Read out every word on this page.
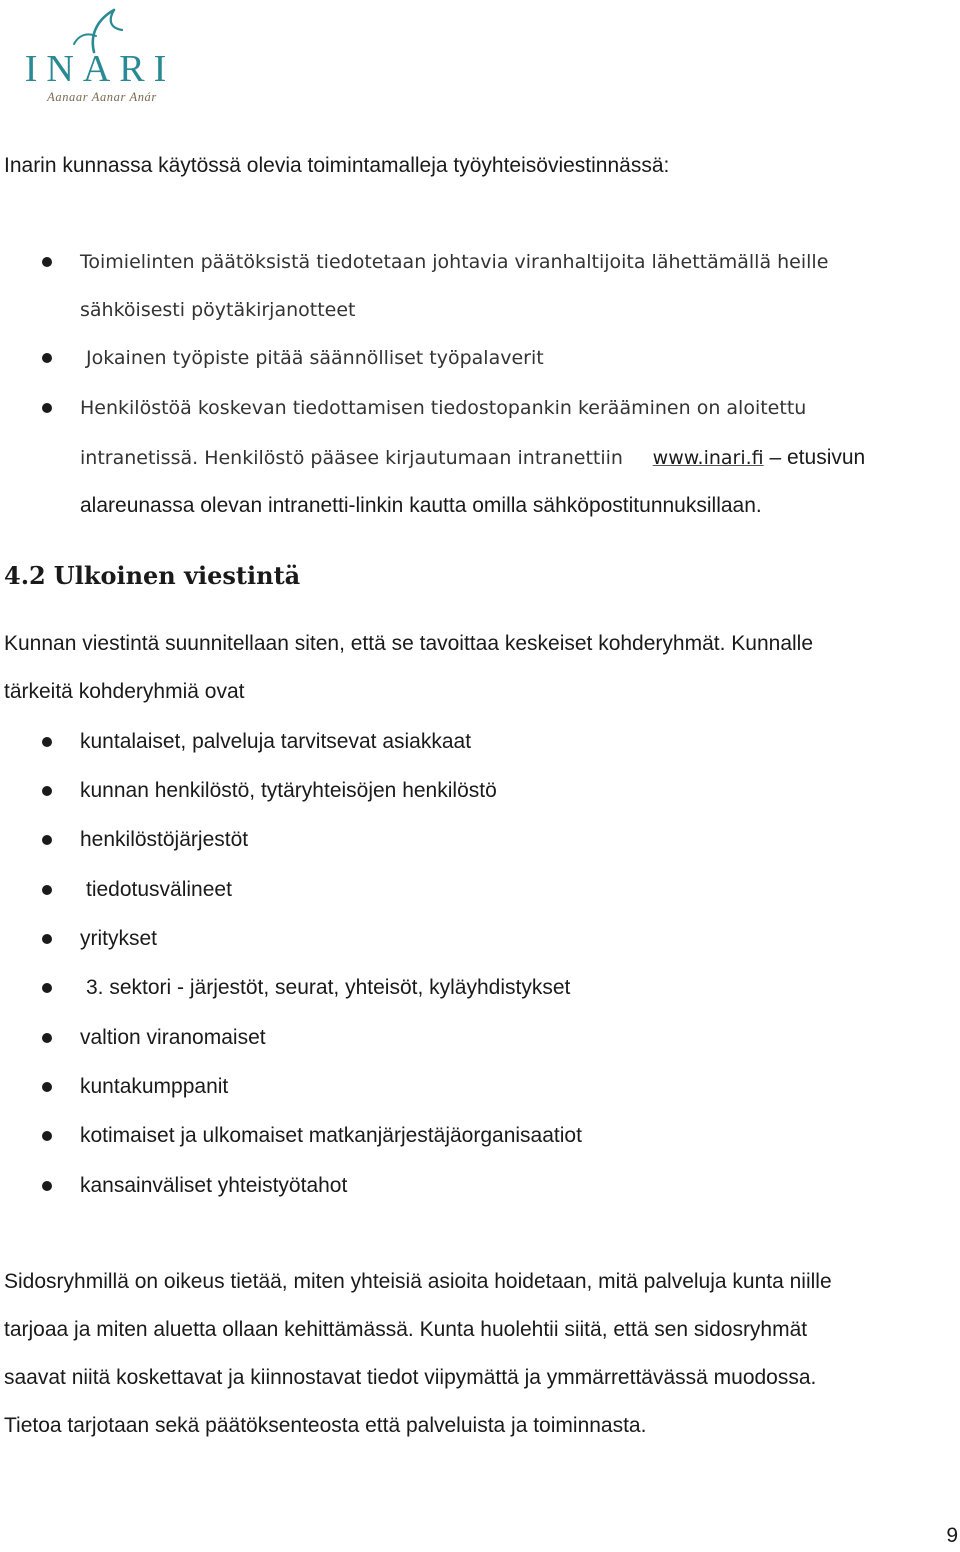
INARI
Aanaar Aanar Anár

Inarin kunnassa käytössä olevia toimintamalleja työyhteisöviestinnässä:

Toimielinten päätöksistä tiedotetaan johtavia viranhaltijoita lähettämällä heille
sähköisesti pöytäkirjanotteet
Jokainen työpiste pitää säännölliset työpalaverit
Henkilöstöä koskevan tiedottamisen tiedostopankin kerääminen on aloitettu
intranetissä. Henkilöstö pääsee kirjautumaan intranettiin www.inari.fi – etusivun
alareunassa olevan intranetti-linkin kautta omilla sähköpostitunnuksillaan.
4.2 Ulkoinen viestintä

Kunnan viestintä suunnitellaan siten, että se tavoittaa keskeiset kohderyhmät. Kunnalle

tärkeitä kohderyhmiä ovat

kuntalaiset, palveluja tarvitsevat asiakkaat
kunnan henkilöstö, tytäryhteisöjen henkilöstö
henkilöstöjärjestöt
tiedotusvälineet
yritykset
3. sektori - järjestöt, seurat, yhteisöt, kyläyhdistykset
valtion viranomaiset
kuntakumppanit
kotimaiset ja ulkomaiset matkanjärjestäjäorganisaatiot
kansainväliset yhteistyötahot

Sidosryhmillä on oikeus tietää, miten yhteisiä asioita hoidetaan, mitä palveluja kunta niille

tarjoaa ja miten aluetta ollaan kehittämässä. Kunta huolehtii siitä, että sen sidosryhmät

saavat niitä koskettavat ja kiinnostavat tiedot viipymättä ja ymmärrettävässä muodossa.

Tietoa tarjotaan sekä päätöksenteosta että palveluista ja toiminnasta.

9
